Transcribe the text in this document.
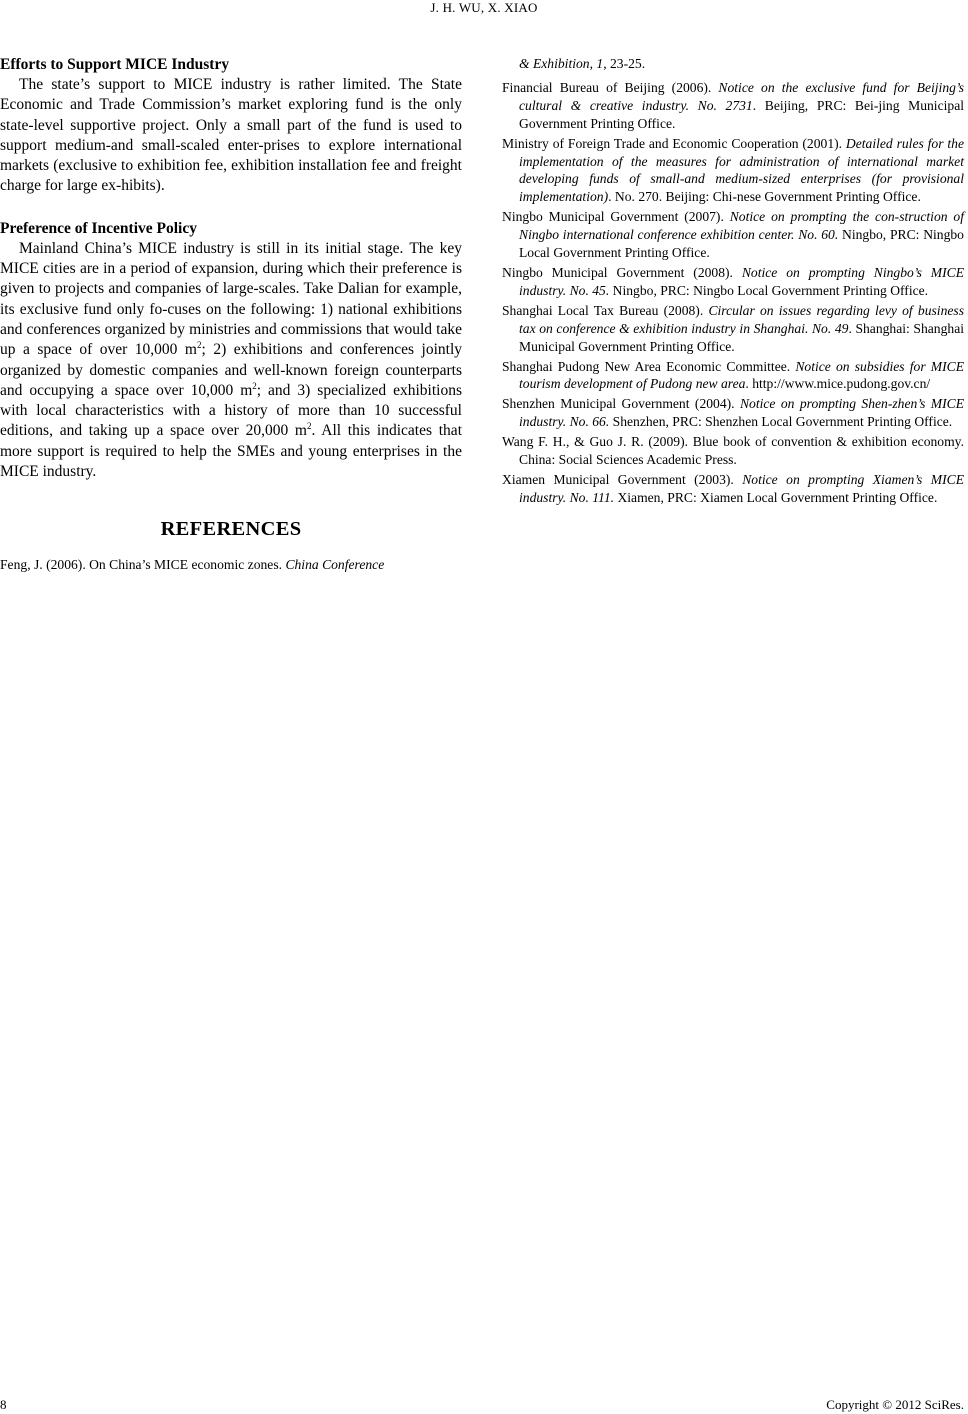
J. H. WU, X. XIAO

Efforts to Support MICE Industry

The state’s support to MICE industry is rather limited. The State Economic and Trade Commission’s market exploring fund is the only state-level supportive project. Only a small part of the fund is used to support medium-and small-scaled enter-prises to explore international markets (exclusive to exhibition fee, exhibition installation fee and freight charge for large ex-hibits).

Preference of Incentive Policy

Mainland China’s MICE industry is still in its initial stage. The key MICE cities are in a period of expansion, during which their preference is given to projects and companies of large-scales. Take Dalian for example, its exclusive fund only fo-cuses on the following: 1) national exhibitions and conferences organized by ministries and commissions that would take up a space of over 10,000 $m^2$; 2) exhibitions and conferences jointly organized by domestic companies and well-known foreign counterparts and occupying a space over 10,000 $m^2$; and 3) specialized exhibitions with local characteristics with a history of more than 10 successful editions, and taking up a space over 20,000 $m^2$. All this indicates that more support is required to help the SMEs and young enterprises in the MICE industry.

REFERENCES

Feng, J. (2006). On China’s MICE economic zones. China Conference

& Exhibition, 1, 23-25.

Financial Bureau of Beijing (2006). Notice on the exclusive fund for Beijing’s cultural & creative industry. No. 2731. Beijing, PRC: Bei-jing Municipal Government Printing Office.

Ministry of Foreign Trade and Economic Cooperation (2001). Detailed rules for the implementation of the measures for administration of international market developing funds of small-and medium-sized enterprises (for provisional implementation). No. 270. Beijing: Chi-nese Government Printing Office.

Ningbo Municipal Government (2007). Notice on prompting the con-struction of Ningbo international conference exhibition center. No. 60. Ningbo, PRC: Ningbo Local Government Printing Office.

Ningbo Municipal Government (2008). Notice on prompting Ningbo’s MICE industry. No. 45. Ningbo, PRC: Ningbo Local Government Printing Office.

Shanghai Local Tax Bureau (2008). Circular on issues regarding levy of business tax on conference & exhibition industry in Shanghai. No. 49. Shanghai: Shanghai Municipal Government Printing Office.

Shanghai Pudong New Area Economic Committee. Notice on subsidies for MICE tourism development of Pudong new area. http://www.mice.pudong.gov.cn/

Shenzhen Municipal Government (2004). Notice on prompting Shen-zhen’s MICE industry. No. 66. Shenzhen, PRC: Shenzhen Local Government Printing Office.

Wang F. H., & Guo J. R. (2009). Blue book of convention & exhibition economy. China: Social Sciences Academic Press.

Xiamen Municipal Government (2003). Notice on prompting Xiamen’s MICE industry. No. 111. Xiamen, PRC: Xiamen Local Government Printing Office.

8	Copyright © 2012 SciRes.
